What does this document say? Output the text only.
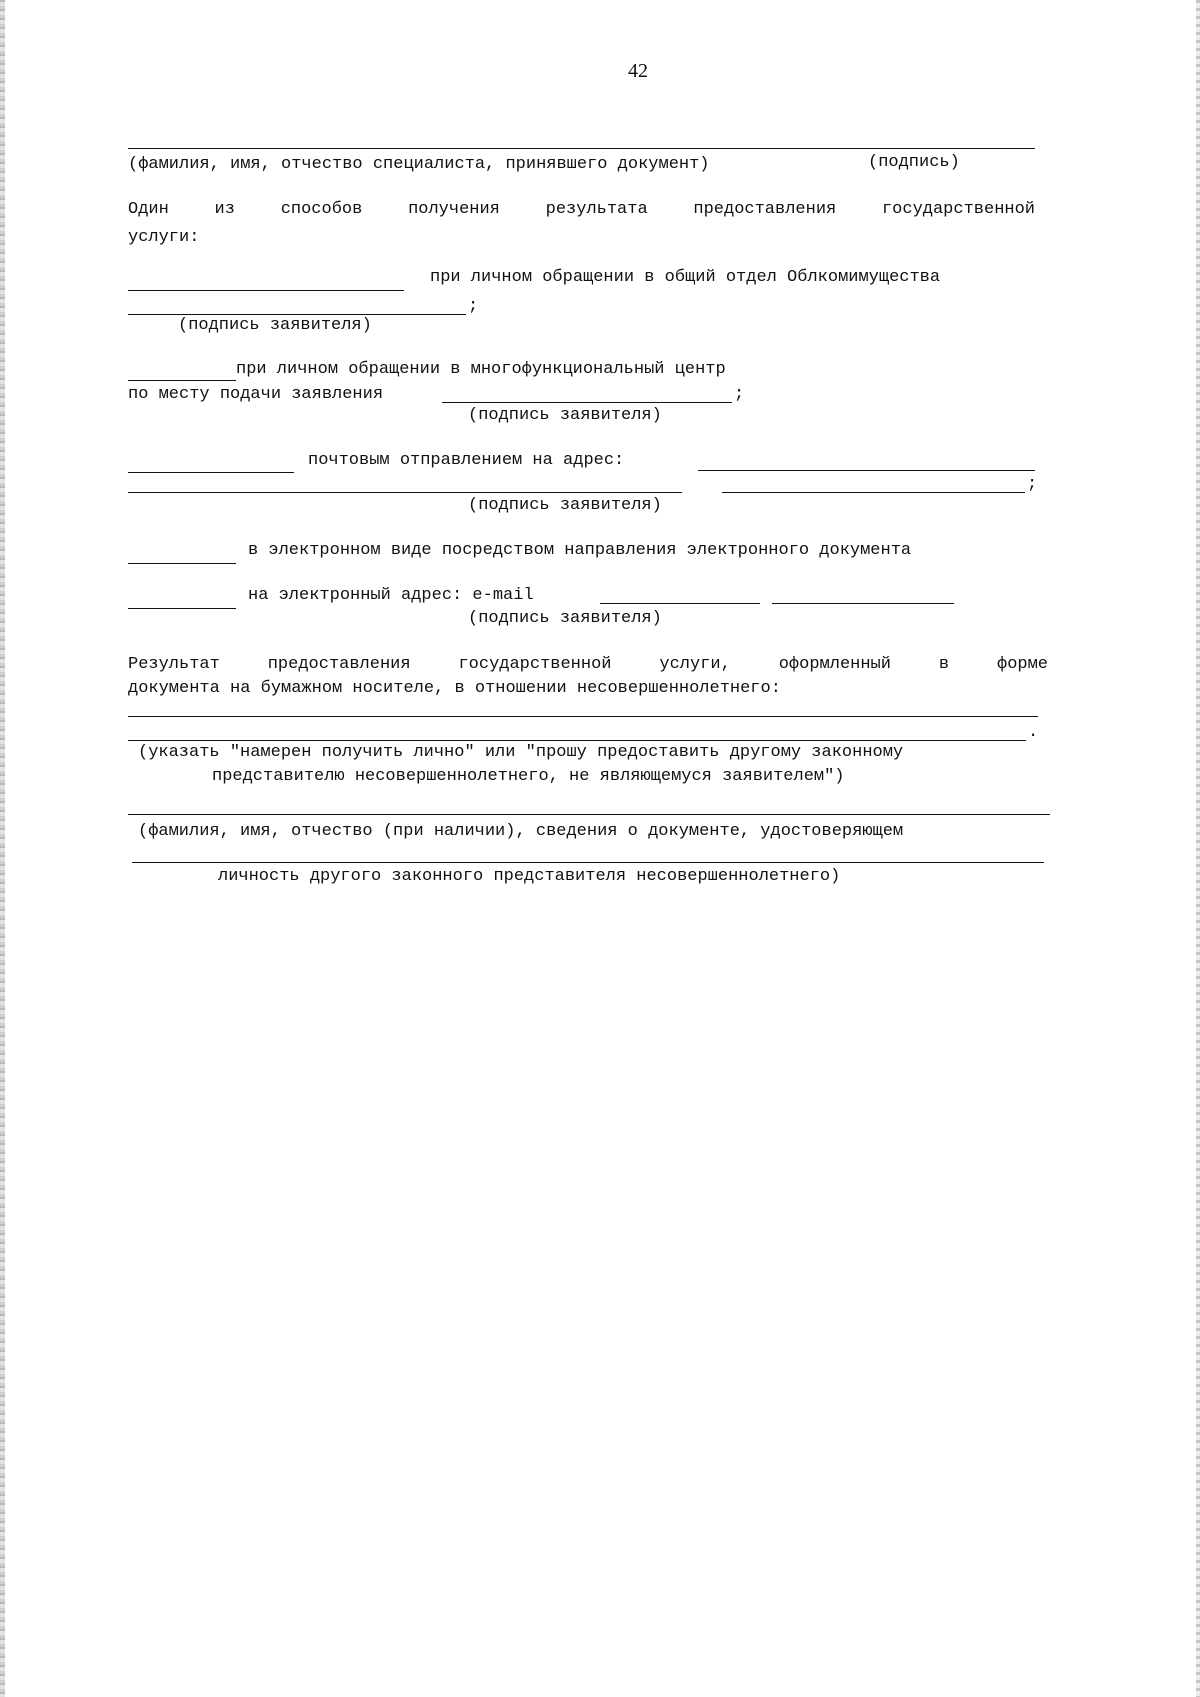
42
(фамилия, имя, отчество специалиста, принявшего документ)	(подпись)
Один из способов получения результата предоставления государственной
услуги:
при личном обращении в общий отдел Облкомимущества
;
(подпись заявителя)
при личном обращении в многофункциональный центр
по месту подачи заявления	;
(подпись заявителя)
почтовым отправлением на адрес:
;
(подпись заявителя)
в электронном виде посредством направления электронного документа
на электронный адрес: e-mail
(подпись заявителя)
Результат предоставления государственной услуги, оформленный в форме
документа на бумажном носителе, в отношении несовершеннолетнего:
.
(указать "намерен получить лично" или "прошу предоставить другому законному
представителю несовершеннолетнего, не являющемуся заявителем")
(фамилия, имя, отчество (при наличии), сведения о документе, удостоверяющем
личность другого законного представителя несовершеннолетнего)
